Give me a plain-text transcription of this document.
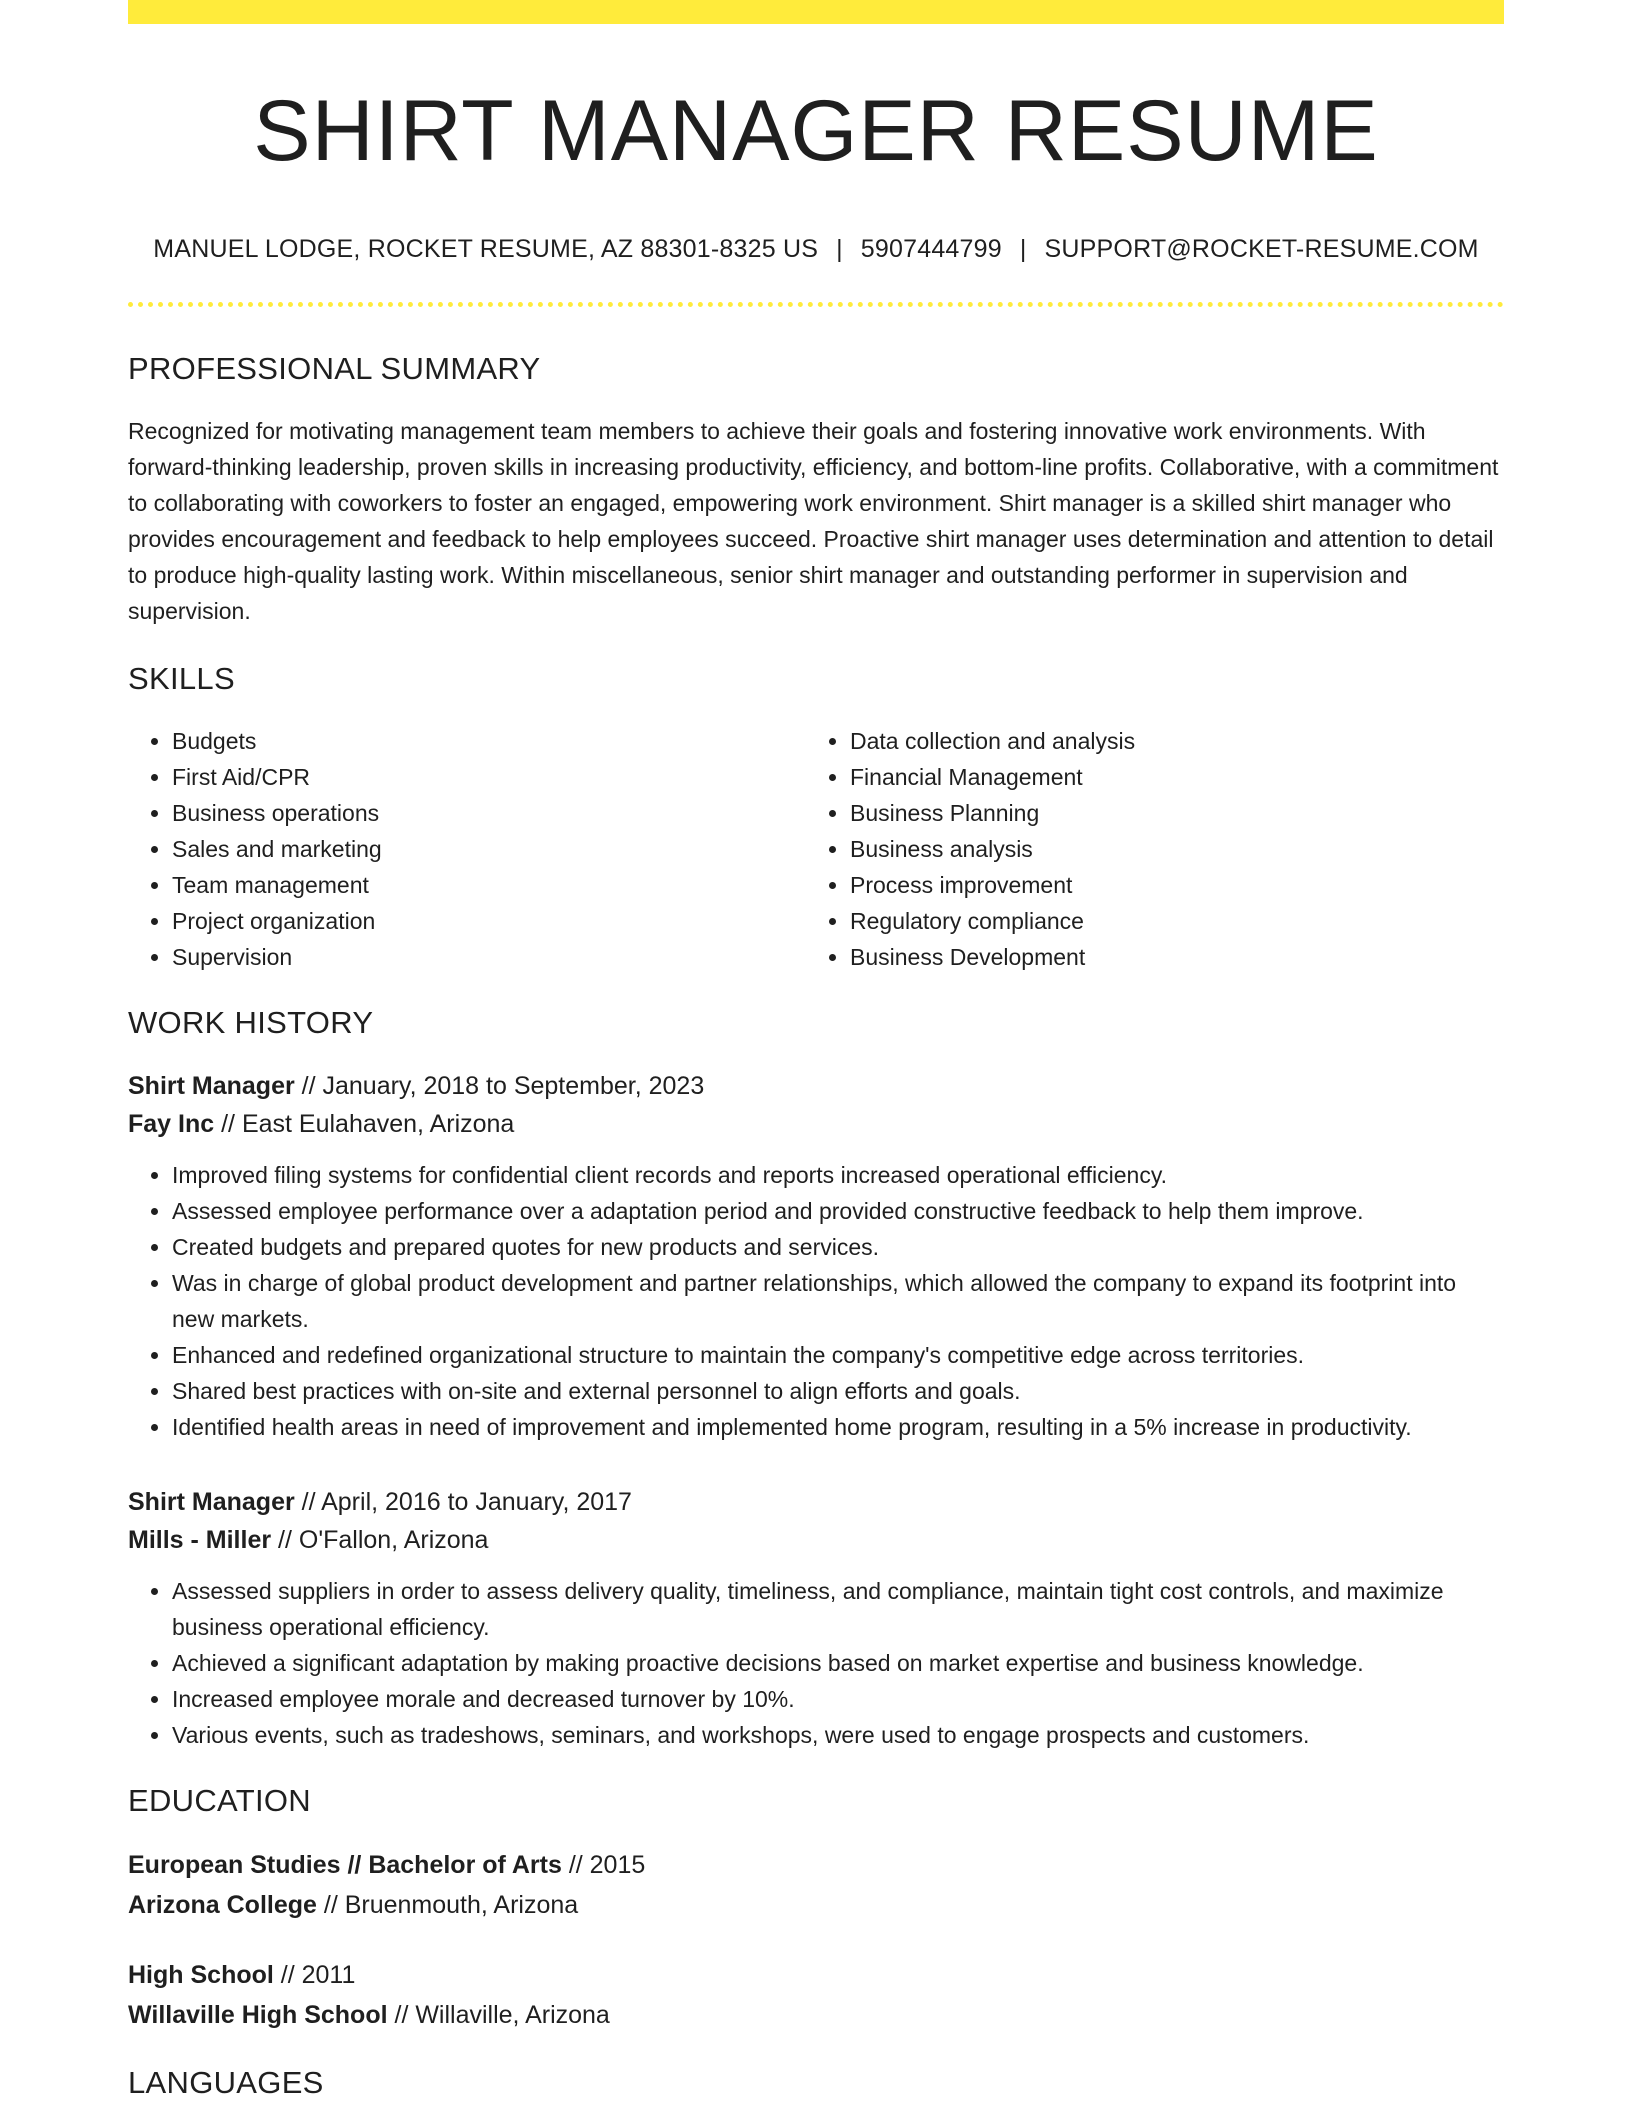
SHIRT MANAGER RESUME
MANUEL LODGE, ROCKET RESUME, AZ 88301-8325 US | 5907444799 | SUPPORT@ROCKET-RESUME.COM
PROFESSIONAL SUMMARY

Recognized for motivating management team members to achieve their goals and fostering innovative work environments. With forward-thinking leadership, proven skills in increasing productivity, efficiency, and bottom-line profits. Collaborative, with a commitment to collaborating with coworkers to foster an engaged, empowering work environment. Shirt manager is a skilled shirt manager who provides encouragement and feedback to help employees succeed. Proactive shirt manager uses determination and attention to detail to produce high-quality lasting work. Within miscellaneous, senior shirt manager and outstanding performer in supervision and supervision.

SKILLS
• Budgets
• First Aid/CPR
• Business operations
• Sales and marketing
• Team management
• Project organization
• Supervision
• Data collection and analysis
• Financial Management
• Business Planning
• Business analysis
• Process improvement
• Regulatory compliance
• Business Development
WORK HISTORY
Shirt Manager // January, 2018 to September, 2023
Fay Inc // East Eulahaven, Arizona
• Improved filing systems for confidential client records and reports increased operational efficiency.
• Assessed employee performance over a adaptation period and provided constructive feedback to help them improve.
• Created budgets and prepared quotes for new products and services.
• Was in charge of global product development and partner relationships, which allowed the company to expand its footprint into new markets.
• Enhanced and redefined organizational structure to maintain the company's competitive edge across territories.
• Shared best practices with on-site and external personnel to align efforts and goals.
• Identified health areas in need of improvement and implemented home program, resulting in a 5% increase in productivity.
Shirt Manager // April, 2016 to January, 2017
Mills - Miller // O'Fallon, Arizona
• Assessed suppliers in order to assess delivery quality, timeliness, and compliance, maintain tight cost controls, and maximize business operational efficiency.
• Achieved a significant adaptation by making proactive decisions based on market expertise and business knowledge.
• Increased employee morale and decreased turnover by 10%.
• Various events, such as tradeshows, seminars, and workshops, were used to engage prospects and customers.
EDUCATION
European Studies // Bachelor of Arts // 2015
Arizona College // Bruenmouth, Arizona
High School // 2011
Willaville High School // Willaville, Arizona
LANGUAGES
